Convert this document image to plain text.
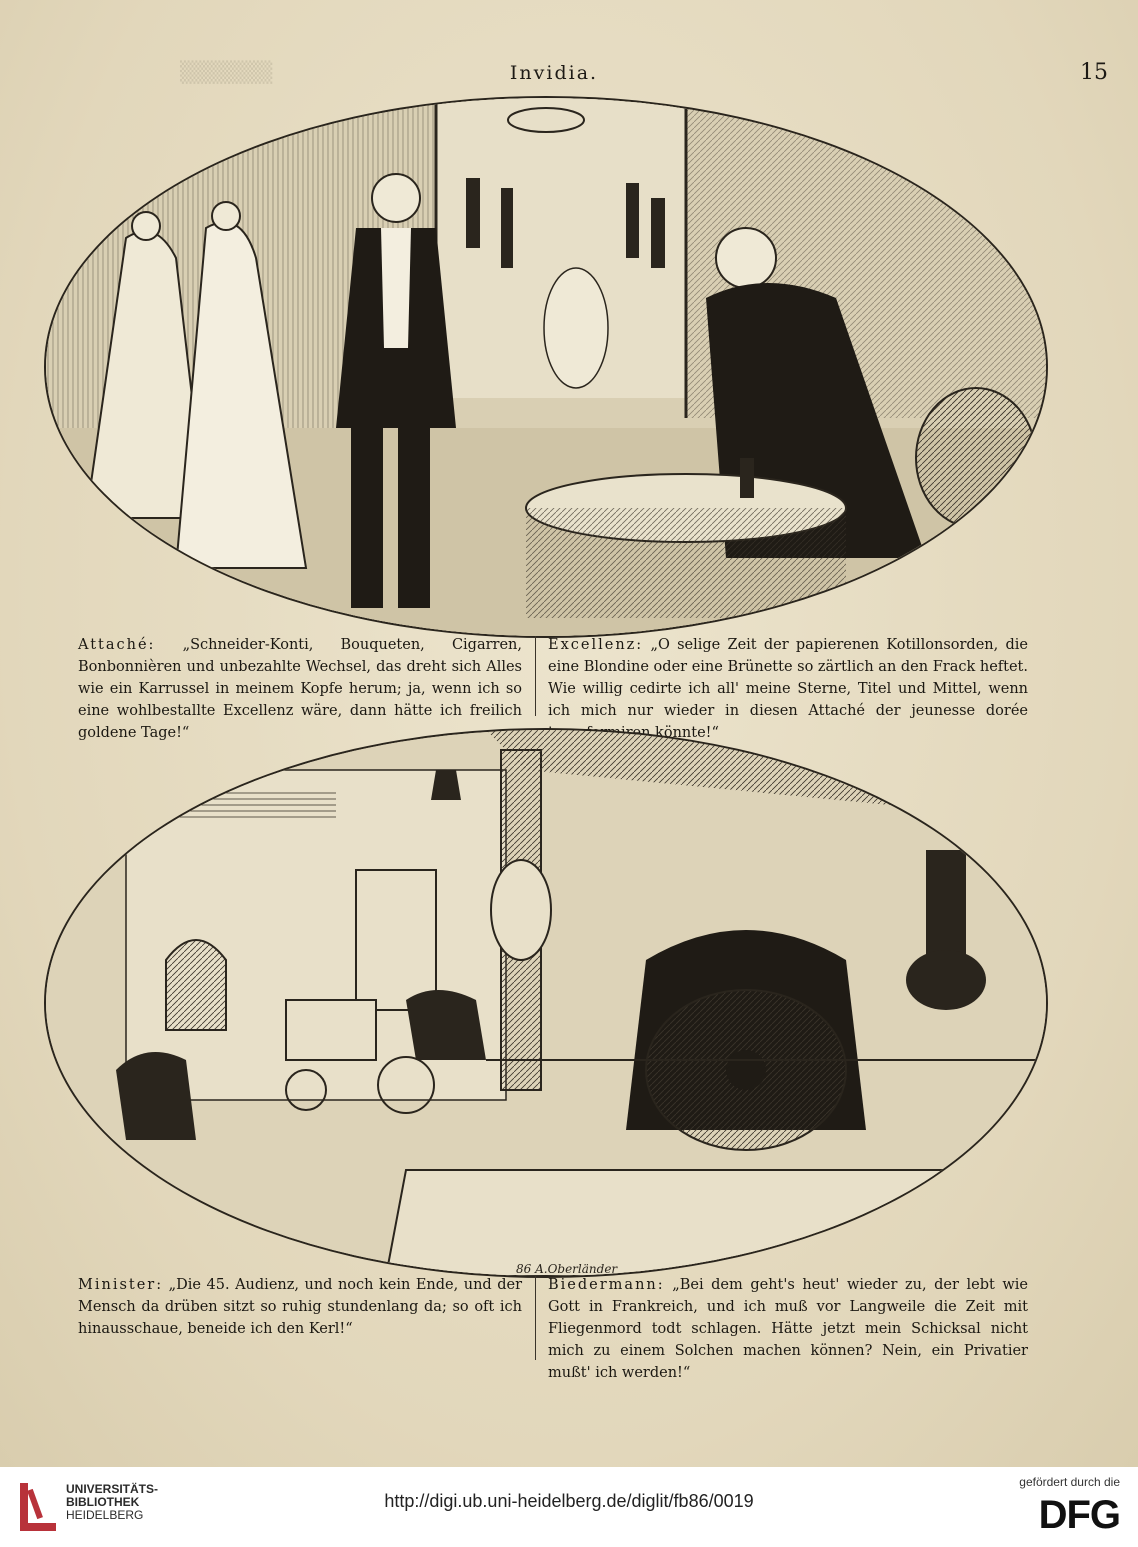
▒▒▒▒▒▒	Invidia.	15
Attaché: „Schneider-Konti, Bouqueten, Cigarren, Bonbonnièren und unbezahlte Wechsel, das dreht sich Alles wie ein Karrussel in meinem Kopfe herum; ja, wenn ich so eine wohlbestallte Excellenz wäre, dann hätte ich freilich
Excellenz: „O selige Zeit der papierenen Kotillonsorden, die eine Blondine oder eine Brünette so zärtlich an den Frack heftet. Wie willig cedirte ich all' meine Sterne, Titel und Mittel, wenn ich mich nur wieder in diesen Attaché der jeunesse dorée
86 A.Oberländer
Minister: „Die 45. Audienz, und noch kein Ende, und der Mensch da drüben sitzt so ruhig stundenlang da; so oft ich hinausschaue, beneide ich den Kerl!“
Biedermann: „Bei dem geht's heut' wieder zu, der lebt wie Gott in Frankreich, und ich muß vor Langweile die Zeit mit Fliegenmord todt schlagen. Hätte jetzt mein Schicksal nicht mich zu einem Solchen machen können? Nein, ein Privatier mußt' ich werden!“
UNIVERSITÄTS-
BIBLIOTHEK
HEIDELBERG
http://digi.ub.uni-heidelberg.de/diglit/fb86/0019
gefördert durch die
DFG
